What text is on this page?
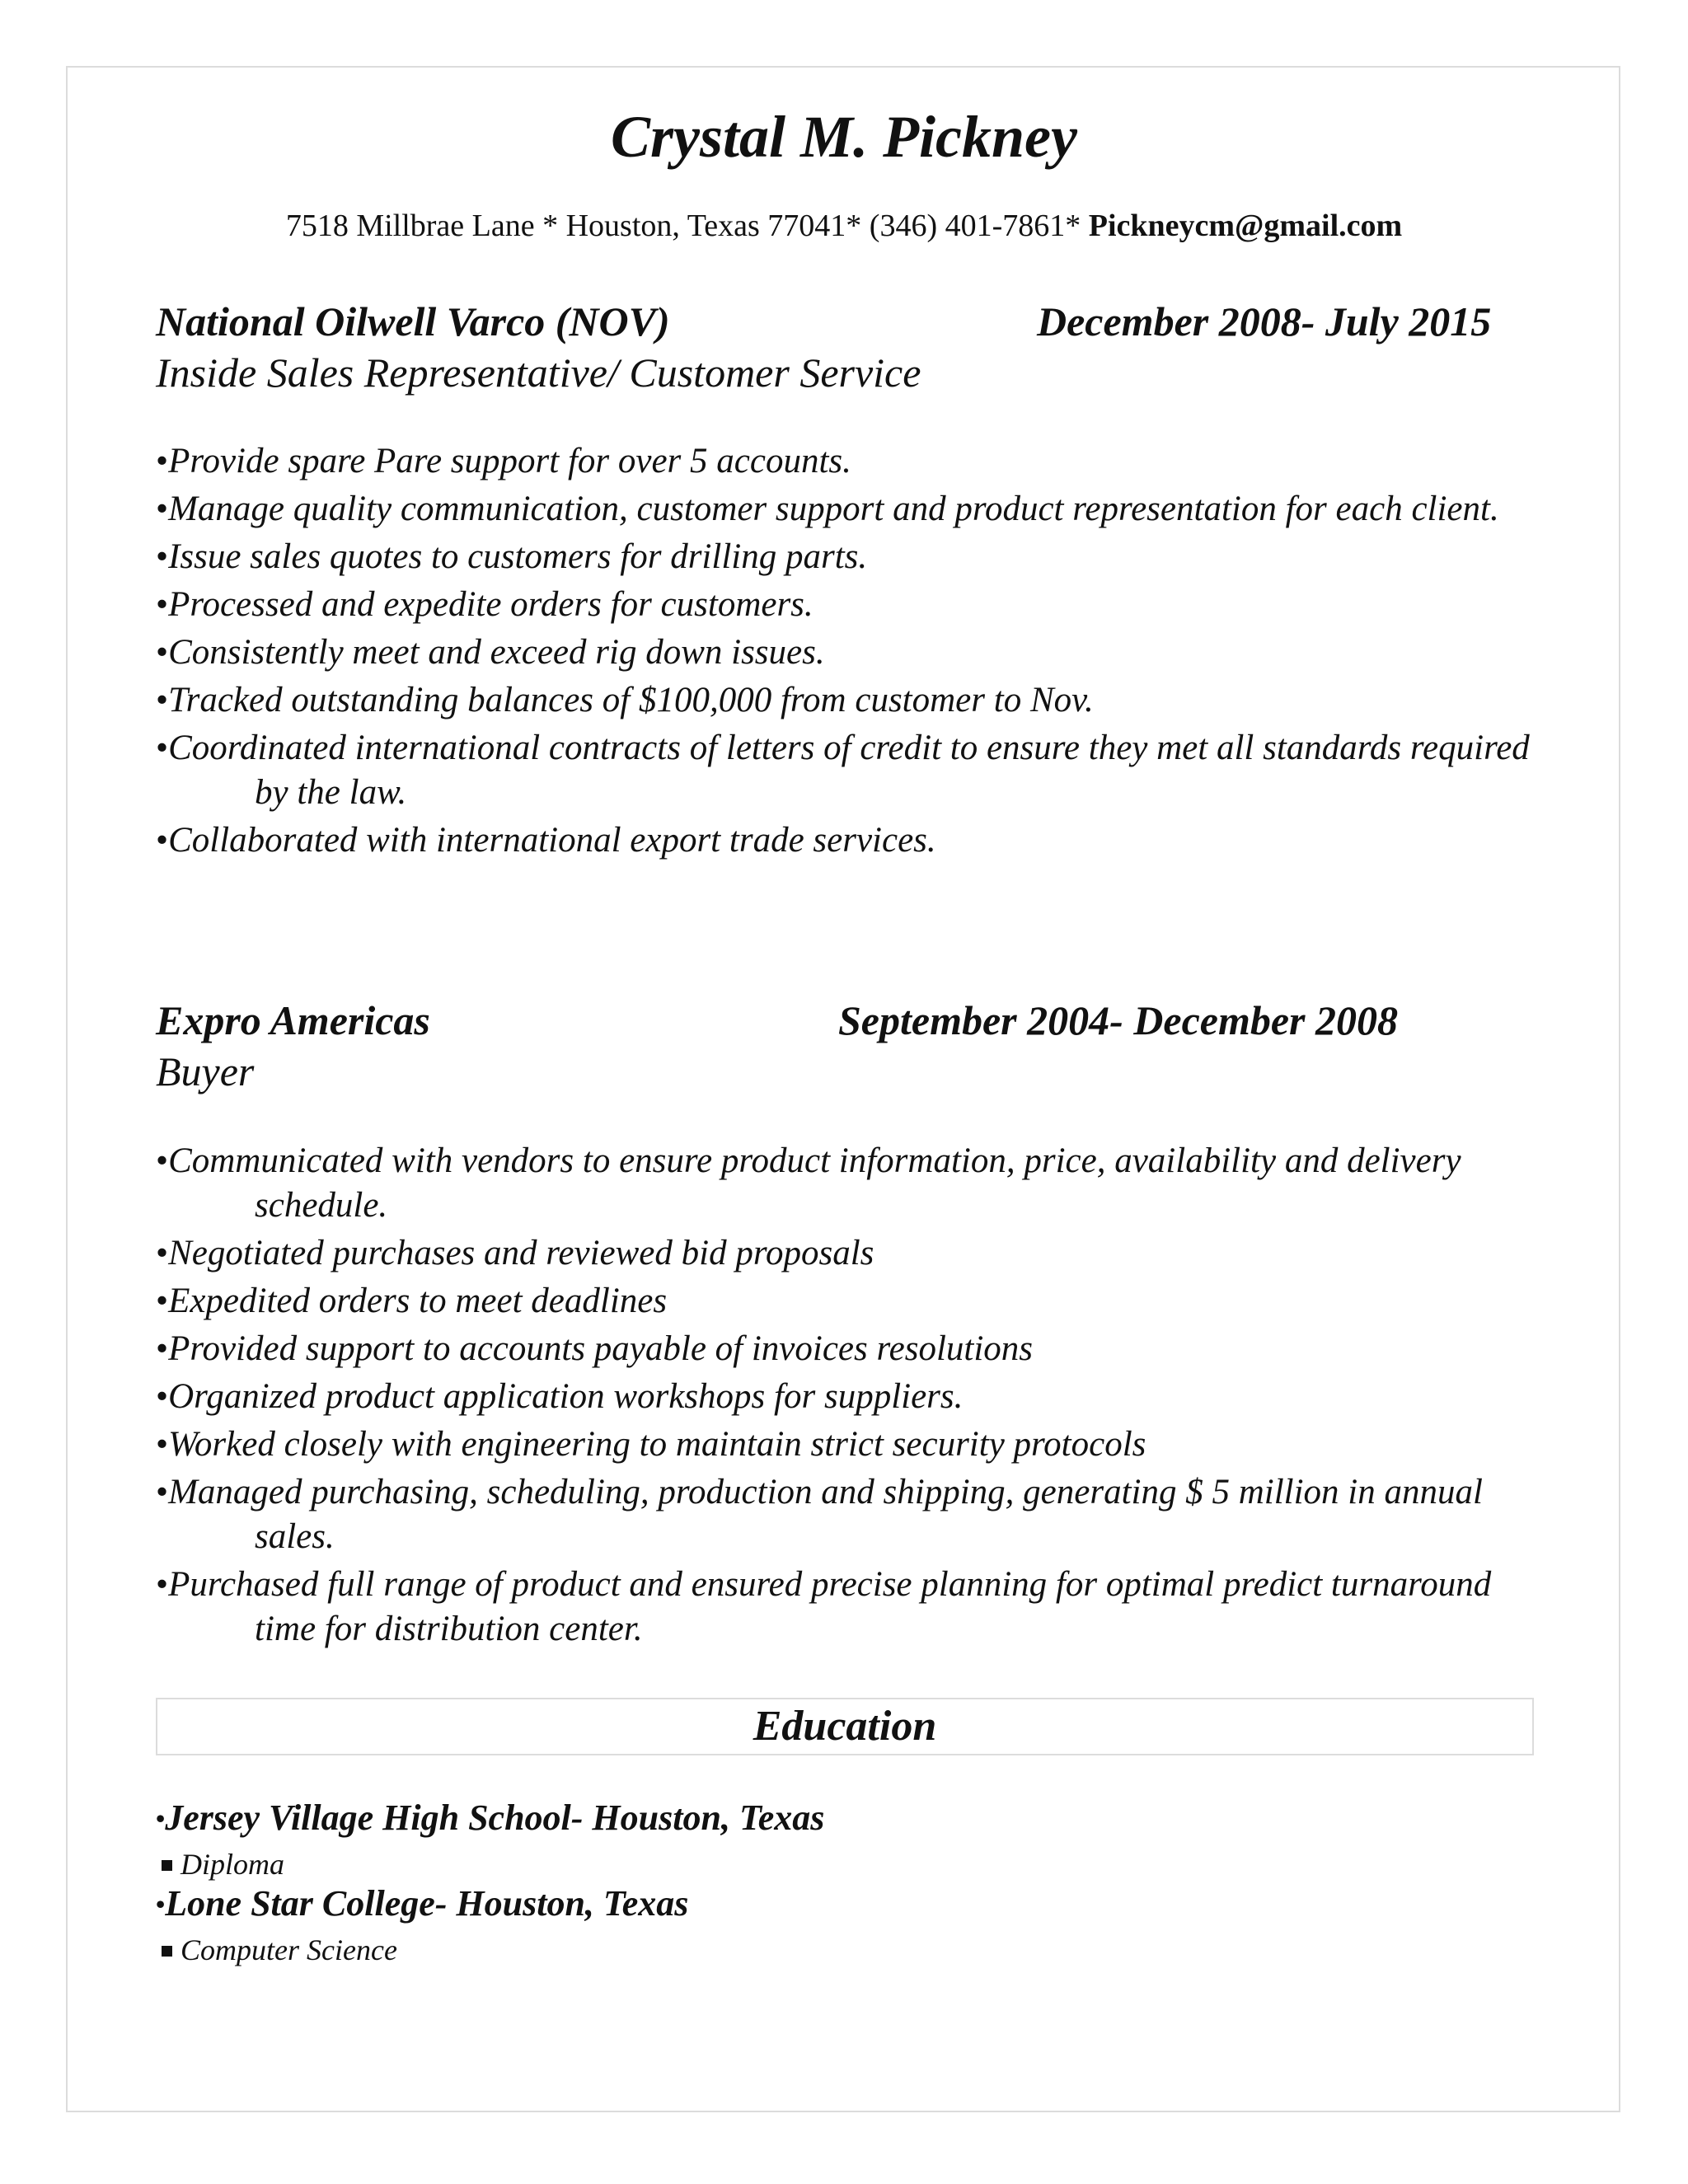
Crystal M. Pickney
7518 Millbrae Lane * Houston, Texas 77041* (346) 401-7861* Pickneycm@gmail.com
National Oilwell Varco (NOV)	December 2008- July 2015
Inside Sales Representative/ Customer Service
•Provide spare Pare support for over 5 accounts.
•Manage quality communication, customer support and product representation for each client.
•Issue sales quotes to customers for drilling parts.
•Processed and expedite orders for customers.
•Consistently meet and exceed rig down issues.
•Tracked outstanding balances of $100,000 from customer to Nov.
•Coordinated international contracts of letters of credit to ensure they met all standards required by the law.
•Collaborated with international export trade services.
Expro Americas	September 2004- December 2008
Buyer
•Communicated with vendors to ensure product information, price, availability and delivery schedule.
•Negotiated purchases and reviewed bid proposals
•Expedited orders to meet deadlines
•Provided support to accounts payable of invoices resolutions
•Organized product application workshops for suppliers.
•Worked closely with engineering to maintain strict security protocols
•Managed purchasing, scheduling, production and shipping, generating $ 5 million in annual sales.
•Purchased full range of product and ensured precise planning for optimal predict turnaround time for distribution center.
Education
•Jersey Village High School- Houston, Texas
Diploma
•Lone Star College- Houston, Texas
Computer Science
